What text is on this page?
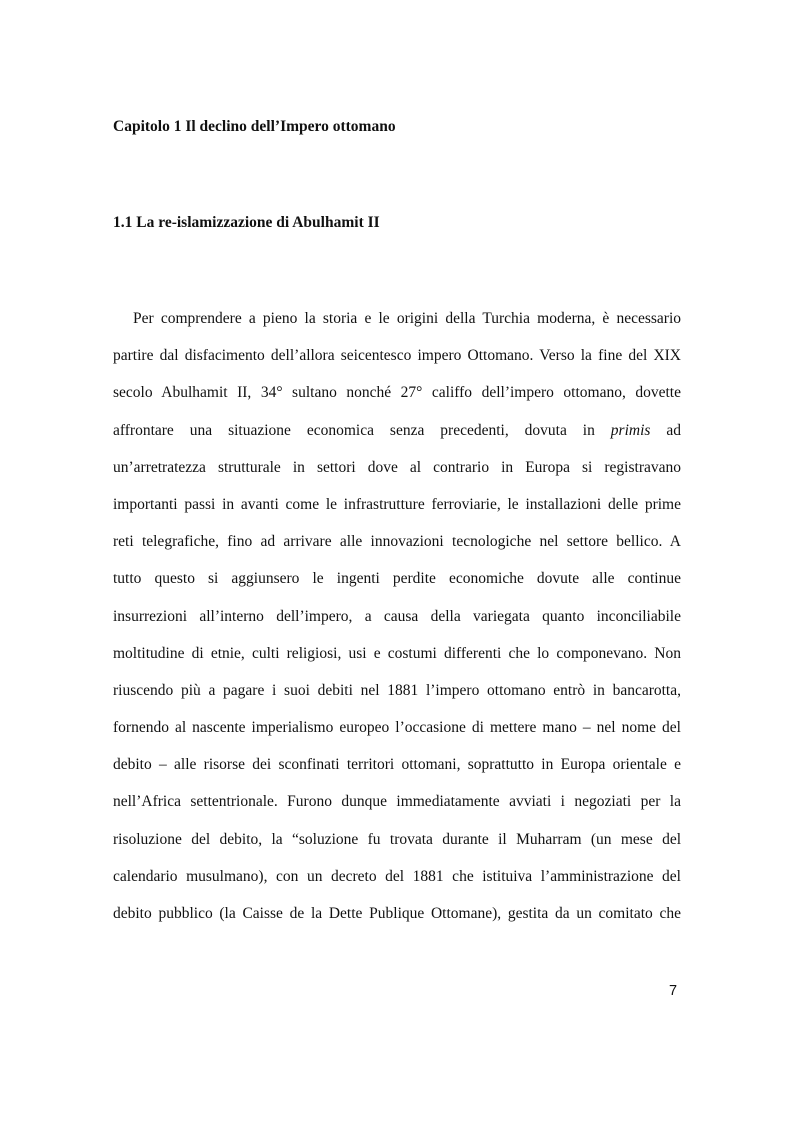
Capitolo 1 Il declino dell’Impero ottomano
1.1 La re-islamizzazione di Abulhamit II
Per comprendere a pieno la storia e le origini della Turchia moderna, è necessario
partire dal disfacimento dell’allora seicentesco impero Ottomano. Verso la fine del XIX
secolo Abulhamit II, 34° sultano nonché 27° califfo dell’impero ottomano, dovette
affrontare una situazione economica senza precedenti, dovuta in primis ad
un’arretratezza strutturale in settori dove al contrario in Europa si registravano
importanti passi in avanti come le infrastrutture ferroviarie, le installazioni delle prime
reti telegrafiche, fino ad arrivare alle innovazioni tecnologiche nel settore bellico. A
tutto questo si aggiunsero le ingenti perdite economiche dovute alle continue
insurrezioni all’interno dell’impero, a causa della variegata quanto inconciliabile
moltitudine di etnie, culti religiosi, usi e costumi differenti che lo componevano. Non
riuscendo più a pagare i suoi debiti nel 1881 l’impero ottomano entrò in bancarotta,
fornendo al nascente imperialismo europeo l’occasione di mettere mano – nel nome del
debito – alle risorse dei sconfinati territori ottomani, soprattutto in Europa orientale e
nell’Africa settentrionale. Furono dunque immediatamente avviati i negoziati per la
risoluzione del debito, la “soluzione fu trovata durante il Muharram (un mese del
calendario musulmano), con un decreto del 1881 che istituiva l’amministrazione del
debito pubblico (la Caisse de la Dette Publique Ottomane), gestita da un comitato che
7
